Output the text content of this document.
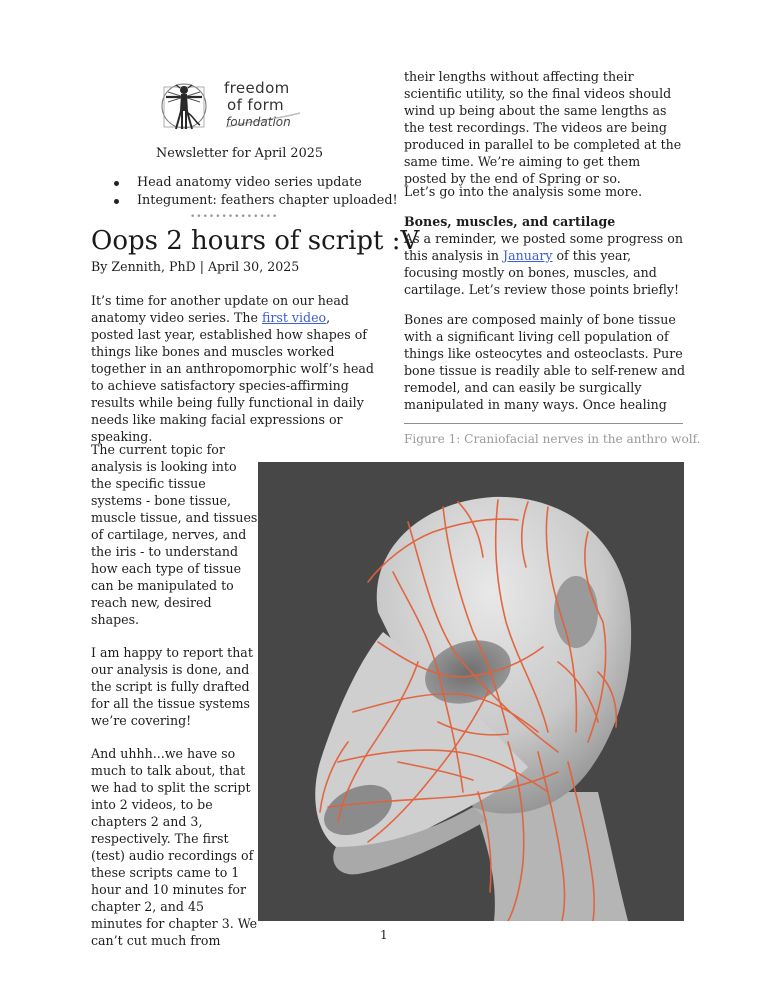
freedom
of form
foundation
Newsletter for April 2025
Head anatomy video series update
Integument: feathers chapter uploaded!
••••••••••••••
Oops 2 hours of script :V
By Zennith, PhD | April 30, 2025

It’s time for another update on our head anatomy video series. The first video, posted last year, established how shapes of things like bones and muscles worked together in an anthropomorphic wolf’s head to achieve satisfactory species-affirming results while being fully functional in daily needs like making facial expressions or speaking.

The current topic for analysis is looking into the specific tissue systems - bone tissue, muscle tissue, and tissues of cartilage, nerves, and the iris - to understand how each type of tissue can be manipulated to reach new, desired shapes.

I am happy to report that our analysis is done, and the script is fully drafted for all the tissue systems we’re covering!

And uhhh...we have so much to talk about, that we had to split the script into 2 videos, to be chapters 2 and 3, respectively. The first (test) audio recordings of these scripts came to 1 hour and 10 minutes for chapter 2, and 45 minutes for chapter 3. We can’t cut much from

their lengths without affecting their scientific utility, so the final videos should wind up being about the same lengths as the test recordings. The videos are being produced in parallel to be completed at the same time. We’re aiming to get them posted by the end of Spring or so.

Let’s go into the analysis some more.

Bones, muscles, and cartilage

As a reminder, we posted some progress on this analysis in January of this year, focusing mostly on bones, muscles, and cartilage. Let’s review those points briefly!

Bones are composed mainly of bone tissue with a significant living cell population of things like osteocytes and osteoclasts. Pure bone tissue is readily able to self-renew and remodel, and can easily be surgically manipulated in many ways. Once healing

Figure 1: Craniofacial nerves in the anthro wolf.
1
